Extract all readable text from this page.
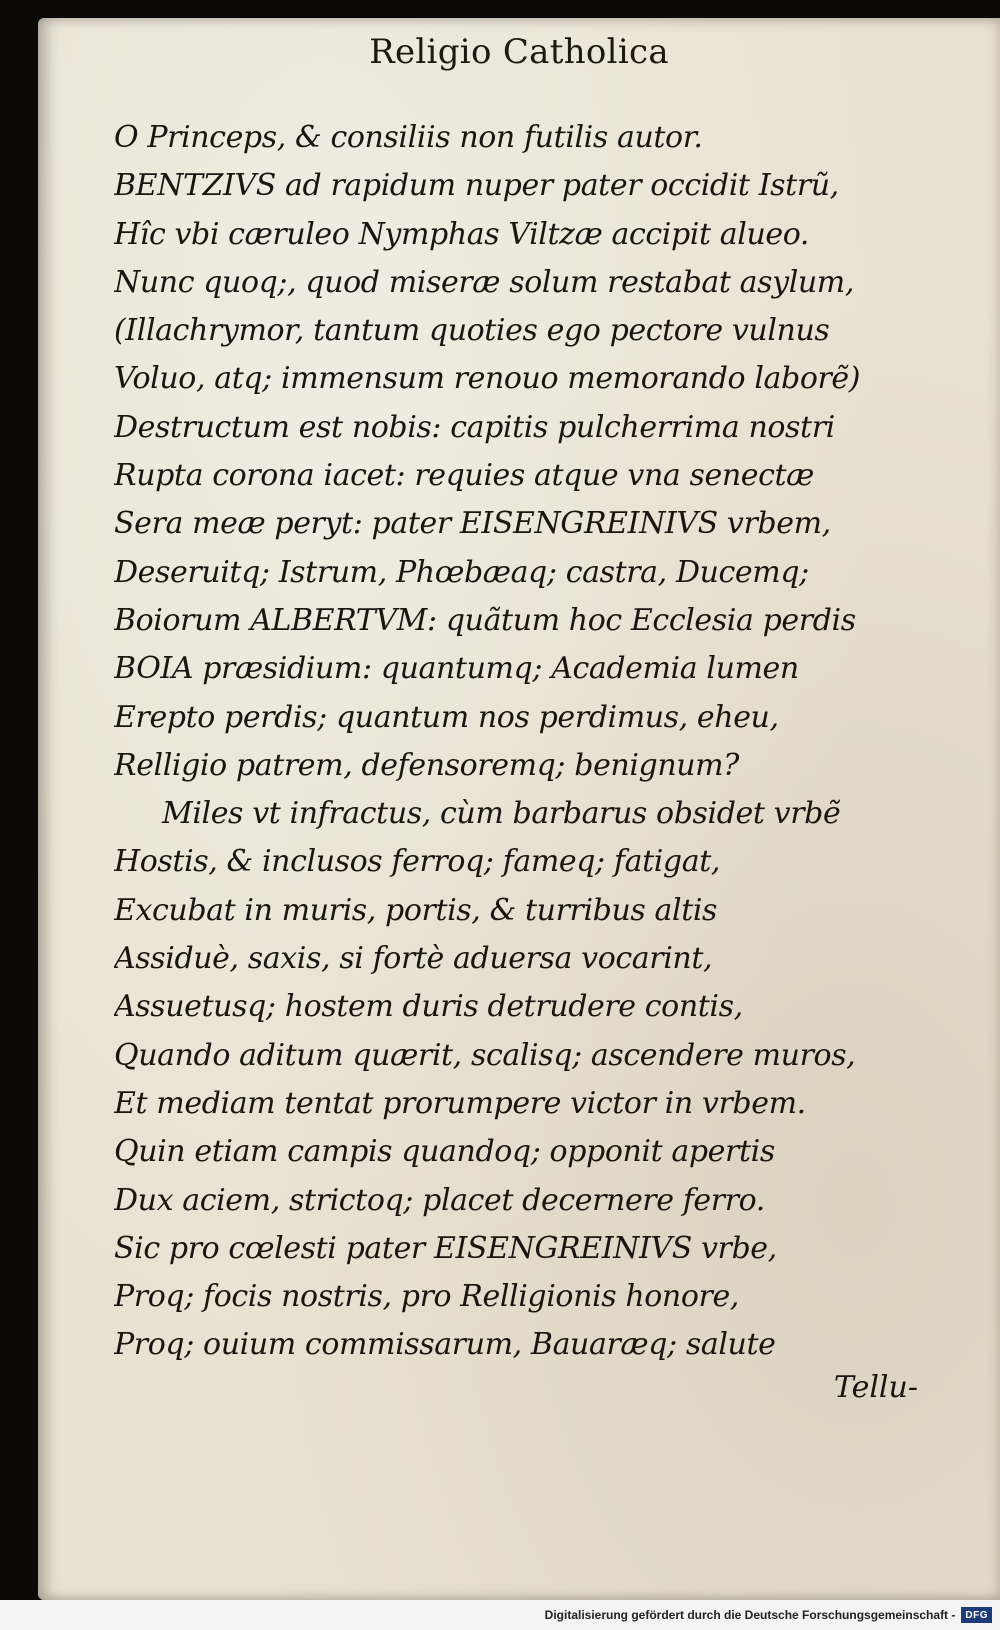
Religio Catholica
O Princeps, & consiliis non futilis autor.
BENTZIVS ad rapidum nuper pater occidit Istrũ,
Hîc vbi cæruleo Nymphas Viltzæ accipit alueo.
Nunc quoq;, quod miseræ solum restabat asylum,
(Illachrymor, tantum quoties ego pectore vulnus
Voluo, atq; immensum renouo memorando laborẽ)
Destructum est nobis: capitis pulcherrima nostri
Rupta corona iacet: requies atque vna senectæ
Sera meæ peryt: pater EISENGREINIVS vrbem,
Deseruitq; Istrum, Phœbæaq; castra, Ducemq;
Boiorum ALBERTVM: quãtum hoc Ecclesia perdis
BOIA præsidium: quantumq; Academia lumen
Erepto perdis; quantum nos perdimus, eheu,
Relligio patrem, defensoremq; benignum?
Miles vt infractus, cùm barbarus obsidet vrbẽ
Hostis, & inclusos ferroq; fameq; fatigat,
Excubat in muris, portis, & turribus altis
Assiduè, saxis, si fortè aduersa vocarint,
Assuetusq; hostem duris detrudere contis,
Quando aditum quærit, scalisq; ascendere muros,
Et mediam tentat prorumpere victor in vrbem.
Quin etiam campis quandoq; opponit apertis
Dux aciem, strictoq; placet decernere ferro.
Sic pro cœlesti pater EISENGREINIVS vrbe,
Proq; focis nostris, pro Relligionis honore,
Proq; ouium commissarum, Bauaræq; salute
Tellu-
Digitalisierung gefördert durch die Deutsche Forschungsgemeinschaft -	DFG
